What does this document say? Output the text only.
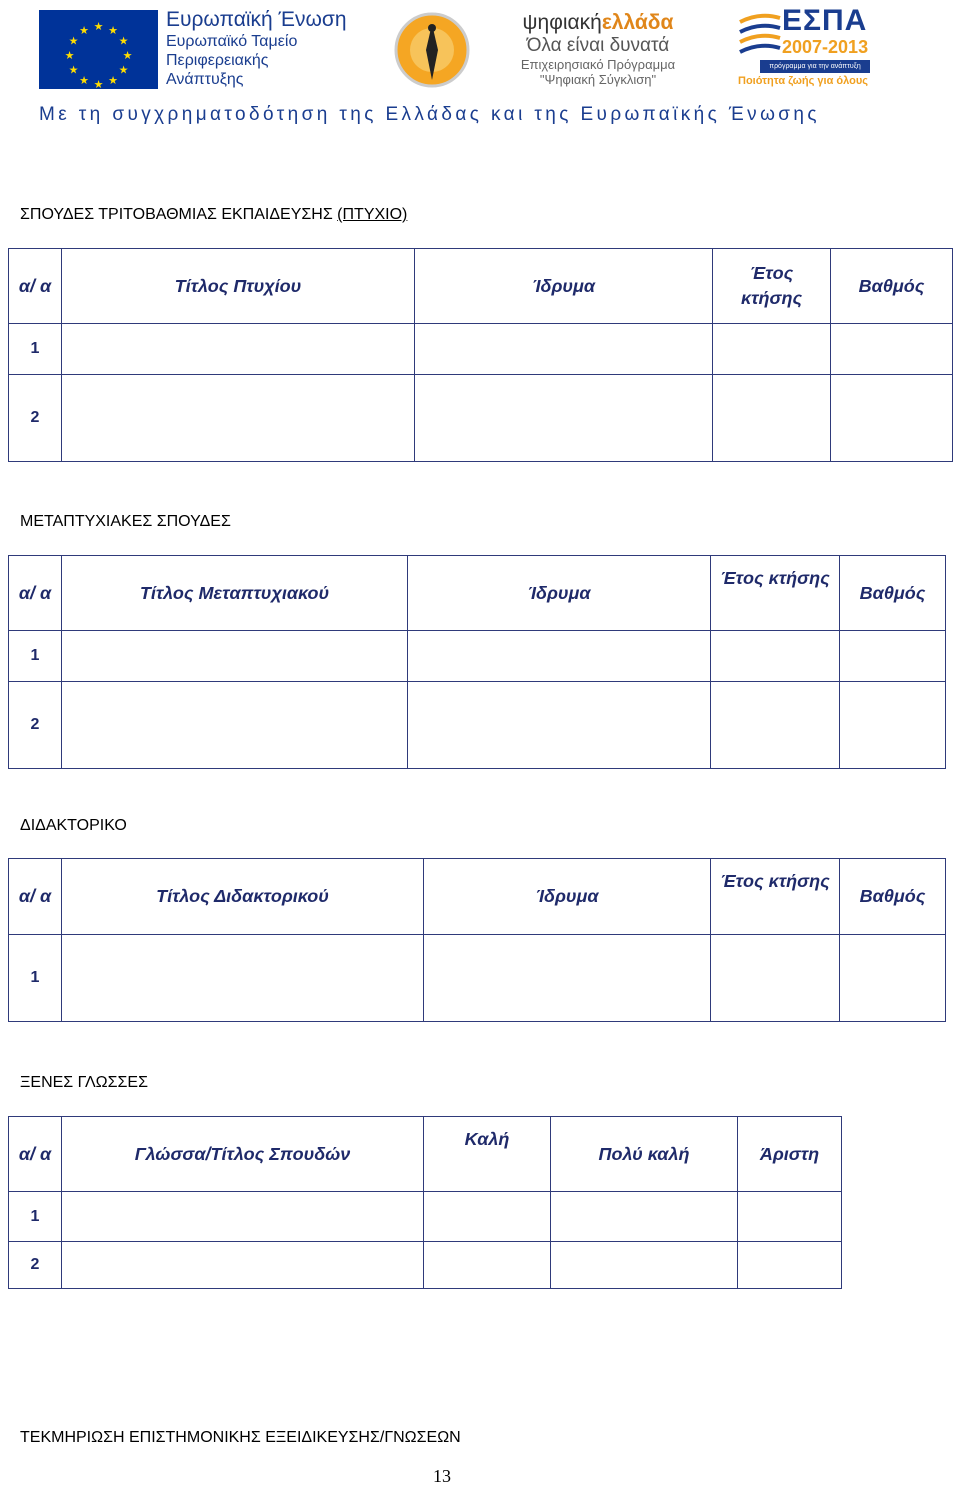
★ ★
★
★
★
★
★
★
★
★
★
★	Ευρωπαϊκή Ένωση
Ευρωπαϊκό Ταμείο
Περιφερειακής
Ανάπτυξης
ψηφιακήελλάδα
Όλα είναι δυνατά
Επιχειρησιακό Πρόγραμμα
"Ψηφιακή Σύγκλιση"
ΕΣΠΑ
2007-2013
πρόγραμμα για την ανάπτυξη
Ποιότητα ζωής για όλους
Με τη συγχρηματοδότηση της Ελλάδας και της Ευρωπαϊκής Ένωσης
ΣΠΟΥΔΕΣ ΤΡΙΤΟΒΑΘΜΙΑΣ ΕΚΠΑΙΔΕΥΣΗΣ (ΠΤΥΧΙΟ)
α/ α	Τίτλος Πτυχίου	Ίδρυμα	Έτος κτήσης	Βαθμός
1				
2				
ΜΕΤΑΠΤΥΧΙΑΚΕΣ ΣΠΟΥΔΕΣ
α/ α	Τίτλος Μεταπτυχιακού	Ίδρυμα	Έτος κτήσης	Βαθμός
1				
2				
ΔΙΔΑΚΤΟΡΙΚΟ
α/ α	Τίτλος Διδακτορικού	Ίδρυμα	Έτος κτήσης	Βαθμός
1				
ΞΕΝΕΣ ΓΛΩΣΣΕΣ
α/ α	Γλώσσα/Τίτλος Σπουδών	Καλή	Πολύ καλή	Άριστη
1				
2				
ΤΕΚΜΗΡΙΩΣΗ ΕΠΙΣΤΗΜΟΝΙΚΗΣ ΕΞΕΙΔΙΚΕΥΣΗΣ/ΓΝΩΣΕΩΝ
13
